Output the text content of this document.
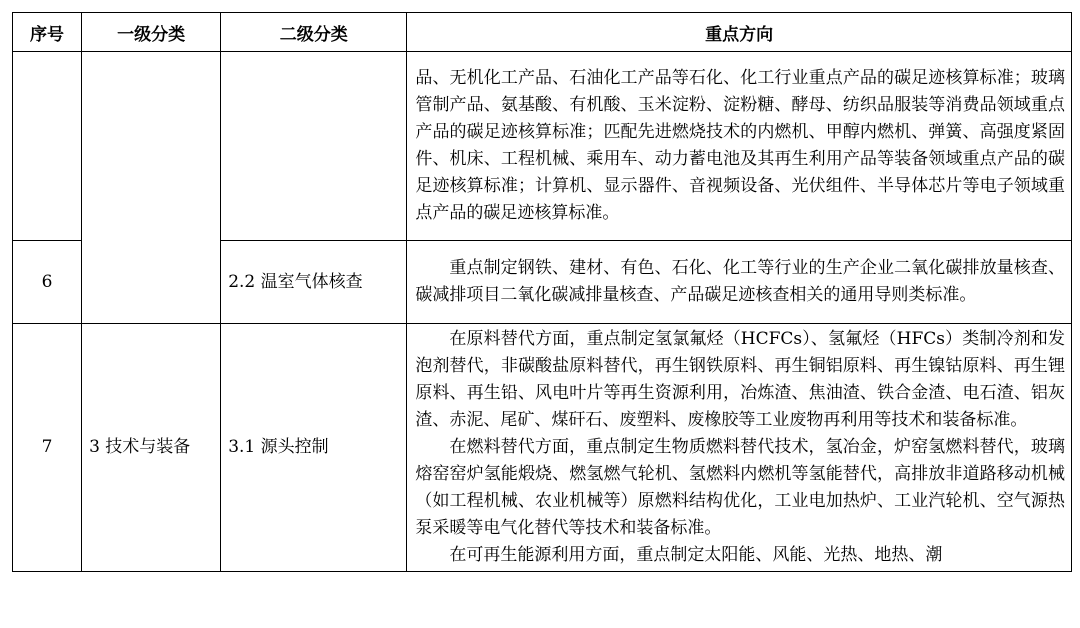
序号	一级分类	二级分类	重点方向

			品、无机化工产品、石油化工产品等石化、化工行业重点产品的碳足迹核算标准；玻璃管制产品、氨基酸、有机酸、玉米淀粉、淀粉糖、酵母、纺织品服装等消费品领域重点产品的碳足迹核算标准；匹配先进燃烧技术的内燃机、甲醇内燃机、弹簧、高强度紧固件、机床、工程机械、乘用车、动力蓄电池及其再生利用产品等装备领域重点产品的碳足迹核算标准；计算机、显示器件、音视频设备、光伏组件、半导体芯片等电子领域重点产品的碳足迹核算标准。

6		2.2 温室气体核查	重点制定钢铁、建材、有色、石化、化工等行业的生产企业二氧化碳排放量核查、碳减排项目二氧化碳减排量核查、产品碳足迹核查相关的通用导则类标准。

7	3 技术与装备	3.1 源头控制	在原料替代方面，重点制定氢氯氟烃（HCFCs）、氢氟烃（HFCs）类制冷剂和发泡剂替代，非碳酸盐原料替代，再生钢铁原料、再生铜铝原料、再生镍钴原料、再生锂原料、再生铅、风电叶片等再生资源利用，冶炼渣、焦油渣、铁合金渣、电石渣、铝灰渣、赤泥、尾矿、煤矸石、废塑料、废橡胶等工业废物再利用等技术和装备标准。

在燃料替代方面，重点制定生物质燃料替代技术，氢冶金，炉窑氢燃料替代，玻璃熔窑窑炉氢能煅烧、燃氢燃气轮机、氢燃料内燃机等氢能替代，高排放非道路移动机械（如工程机械、农业机械等）原燃料结构优化，工业电加热炉、工业汽轮机、空气源热泵采暖等电气化替代等技术和装备标准。

在可再生能源利用方面，重点制定太阳能、风能、光热、地热、潮
